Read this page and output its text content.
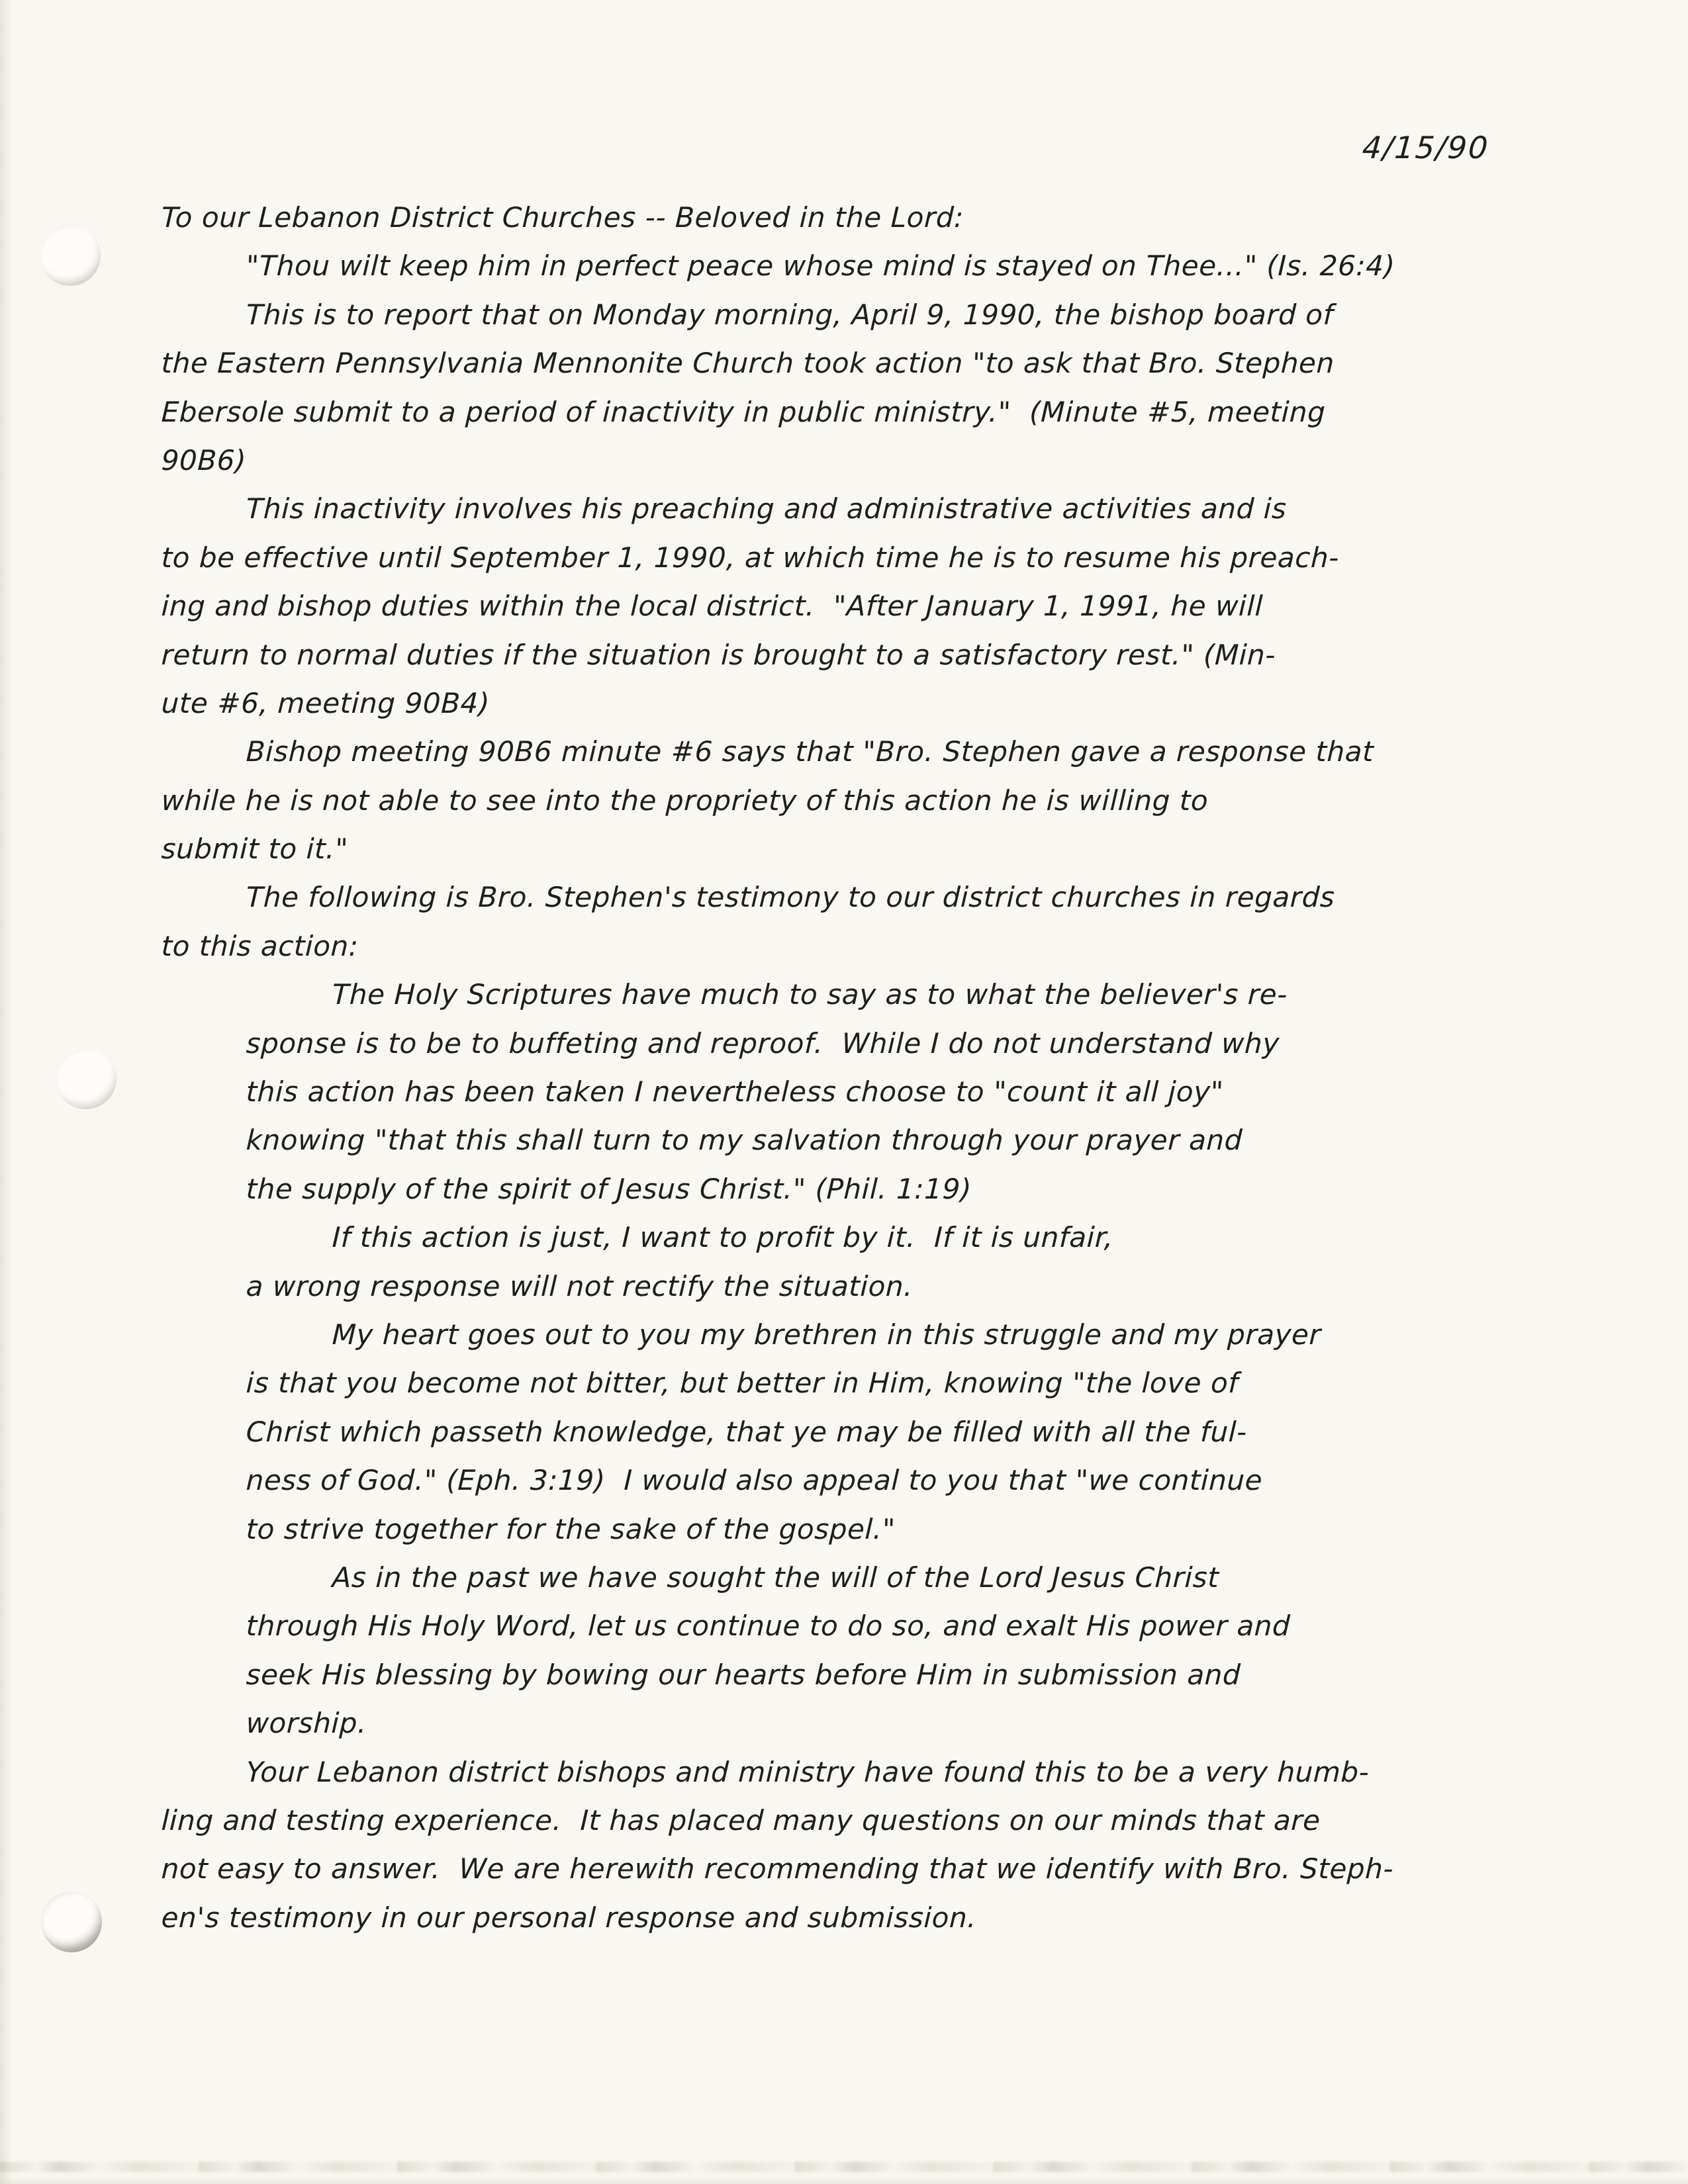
4/15/90
To our Lebanon District Churches -- Beloved in the Lord:
"Thou wilt keep him in perfect peace whose mind is stayed on Thee..." (Is. 26:4)
This is to report that on Monday morning, April 9, 1990, the bishop board of
the Eastern Pennsylvania Mennonite Church took action "to ask that Bro. Stephen
Ebersole submit to a period of inactivity in public ministry."  (Minute #5, meeting
90B6)
This inactivity involves his preaching and administrative activities and is
to be effective until September 1, 1990, at which time he is to resume his preach-
ing and bishop duties within the local district.  "After January 1, 1991, he will
return to normal duties if the situation is brought to a satisfactory rest." (Min-
ute #6, meeting 90B4)
Bishop meeting 90B6 minute #6 says that "Bro. Stephen gave a response that
while he is not able to see into the propriety of this action he is willing to
submit to it."
The following is Bro. Stephen's testimony to our district churches in regards
to this action:
The Holy Scriptures have much to say as to what the believer's re-
sponse is to be to buffeting and reproof.  While I do not understand why
this action has been taken I nevertheless choose to "count it all joy"
knowing "that this shall turn to my salvation through your prayer and
the supply of the spirit of Jesus Christ." (Phil. 1:19)
If this action is just, I want to profit by it.  If it is unfair,
a wrong response will not rectify the situation.
My heart goes out to you my brethren in this struggle and my prayer
is that you become not bitter, but better in Him, knowing "the love of
Christ which passeth knowledge, that ye may be filled with all the ful-
ness of God." (Eph. 3:19)  I would also appeal to you that "we continue
to strive together for the sake of the gospel."
As in the past we have sought the will of the Lord Jesus Christ
through His Holy Word, let us continue to do so, and exalt His power and
seek His blessing by bowing our hearts before Him in submission and
worship.
Your Lebanon district bishops and ministry have found this to be a very humb-
ling and testing experience.  It has placed many questions on our minds that are
not easy to answer.  We are herewith recommending that we identify with Bro. Steph-
en's testimony in our personal response and submission.
